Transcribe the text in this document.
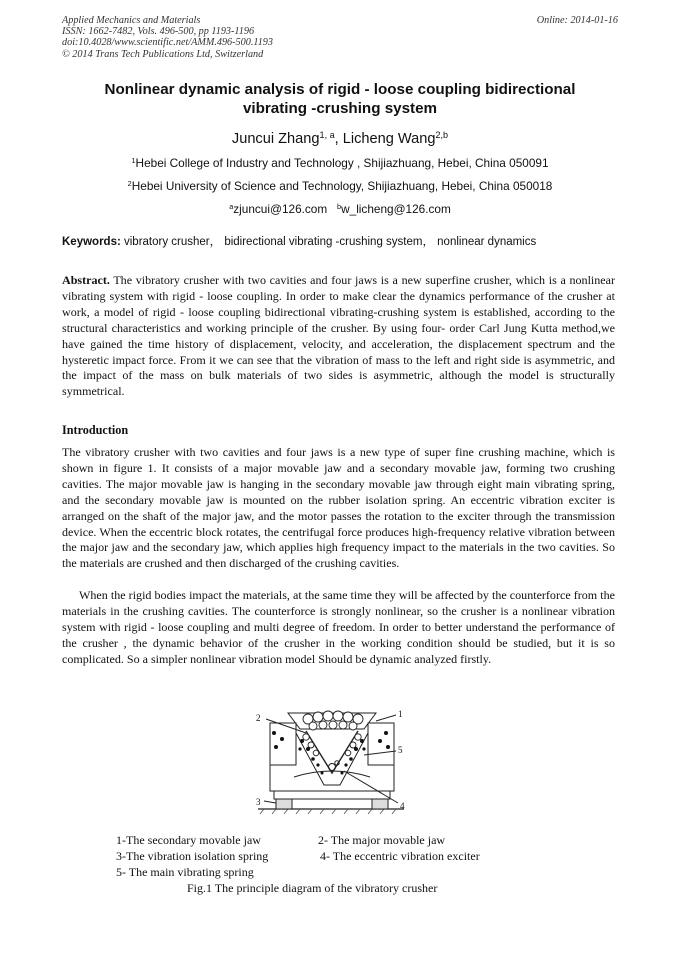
Applied Mechanics and Materials
ISSN: 1662-7482, Vols. 496-500, pp 1193-1196
doi:10.4028/www.scientific.net/AMM.496-500.1193
© 2014 Trans Tech Publications Ltd, Switzerland
Online: 2014-01-16
Nonlinear dynamic analysis of rigid - loose coupling bidirectional
vibrating -crushing system
Juncui Zhang$^{1, a}$, Licheng Wang$^{2,b}$
$^1$Hebei College of Industry and Technology , Shijiazhuang, Hebei, China 050091
$^2$Hebei University of Science and Technology, Shijiazhuang, Hebei, China 050018
$^a$zjuncui@126.com $^b$w_licheng@126.com
Keywords: vibratory crusher， bidirectional vibrating -crushing system， nonlinear dynamics
Abstract. The vibratory crusher with two cavities and four jaws is a new superfine crusher, which is a nonlinear vibrating system with rigid - loose coupling. In order to make clear the dynamics performance of the crusher at work, a model of rigid - loose coupling bidirectional vibrating-crushing system is established, according to the structural characteristics and working principle of the crusher. By using four- order Carl Jung Kutta method,we have gained the time history of displacement, velocity, and acceleration, the displacement spectrum and the hysteretic impact force. From it we can see that the vibration of mass to the left and right side is asymmetric, and the impact of the mass on bulk materials of two sides is asymmetric, although the model is structurally symmetrical.
Introduction
The vibratory crusher with two cavities and four jaws is a new type of super fine crushing machine, which is shown in figure 1. It consists of a major movable jaw and a secondary movable jaw, forming two crushing cavities. The major movable jaw is hanging in the secondary movable jaw through eight main vibrating spring, and the secondary movable jaw is mounted on the rubber isolation spring. An eccentric vibration exciter is arranged on the shaft of the major jaw, and the motor passes the rotation to the exciter through the transmission device. When the eccentric block rotates, the centrifugal force produces high-frequency relative vibration between the major jaw and the secondary jaw, which applies high frequency impact to the materials in the two cavities. So the materials are crushed and then discharged of the crushing cavities.
When the rigid bodies impact the materials, at the same time they will be affected by the counterforce from the materials in the crushing cavities. The counterforce is strongly nonlinear, so the crusher is a nonlinear vibration system with rigid - loose coupling and multi degree of freedom. In order to better understand the performance of the crusher , the dynamic behavior of the crusher in the working condition should be studied, but it is so complicated. So a simpler nonlinear vibration model Should be dynamic analyzed firstly.
1
2
3	4
5
1-The secondary movable jaw	2- The major movable jaw
3-The vibration isolation spring	4- The eccentric vibration exciter
5- The main vibrating spring
Fig.1 The principle diagram of the vibratory crusher
